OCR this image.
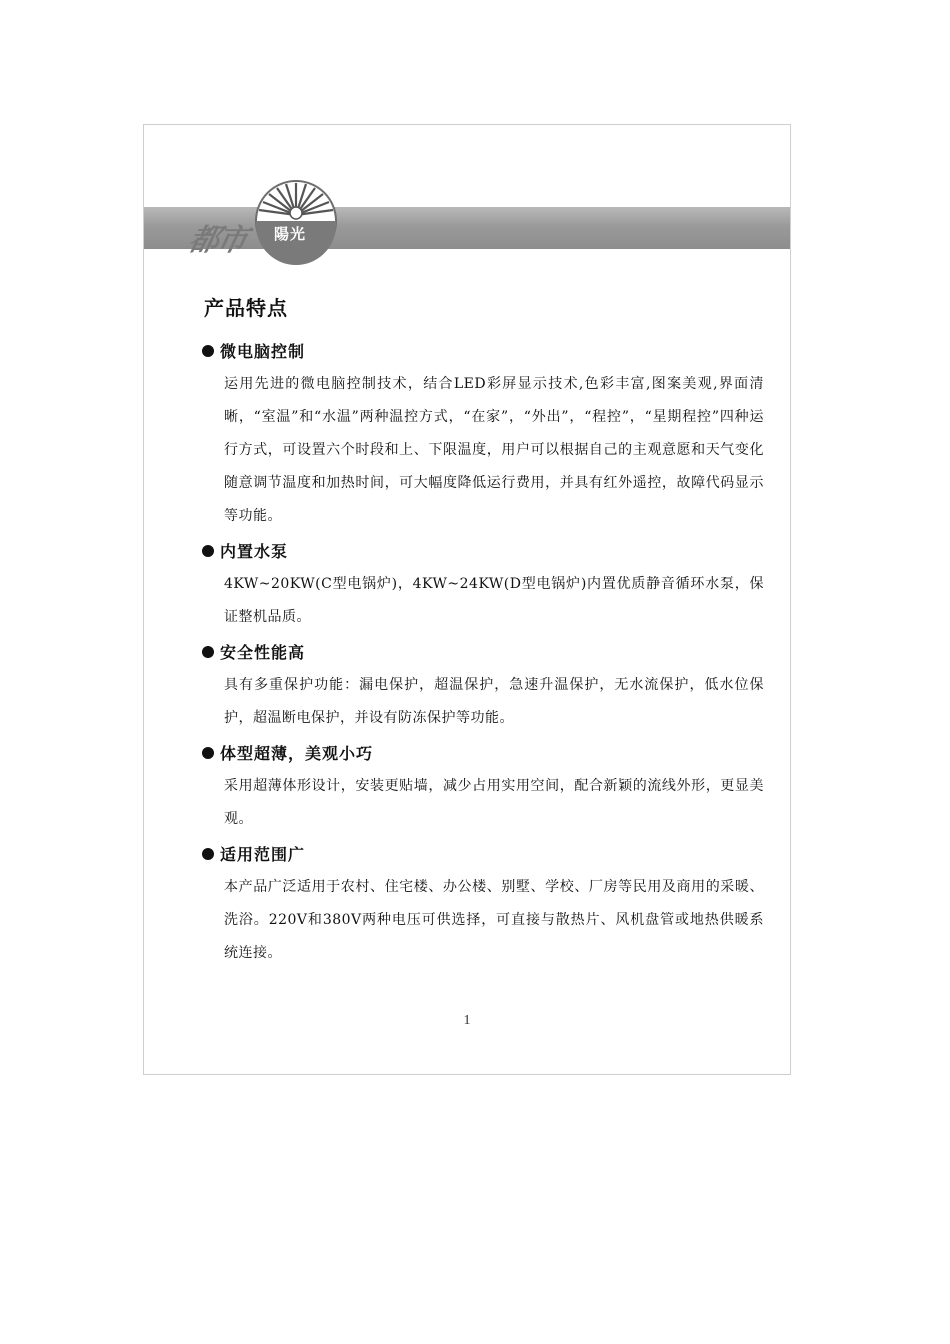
都市 陽光
1
产品特点
微电脑控制

运用先进的微电脑控制技术，结合LED彩屏显示技术,色彩丰富,图案美观,界面清晰，“室温”和“水温”两种温控方式，“在家”，“外出”，“程控”，“星期程控”四种运行方式，可设置六个时段和上、下限温度，用户可以根据自己的主观意愿和天气变化随意调节温度和加热时间，可大幅度降低运行费用，并具有红外遥控，故障代码显示等功能。

内置水泵

4KW~20KW(C型电锅炉)，4KW~24KW(D型电锅炉)内置优质静音循环水泵，保证整机品质。

安全性能高

具有多重保护功能：漏电保护，超温保护，急速升温保护，无水流保护，低水位保护，超温断电保护，并设有防冻保护等功能。

体型超薄，美观小巧

采用超薄体形设计，安装更贴墙，减少占用实用空间，配合新颖的流线外形，更显美观。

适用范围广

本产品广泛适用于农村、住宅楼、办公楼、别墅、学校、厂房等民用及商用的采暖、洗浴。220V和380V两种电压可供选择，可直接与散热片、风机盘管或地热供暖系统连接。
